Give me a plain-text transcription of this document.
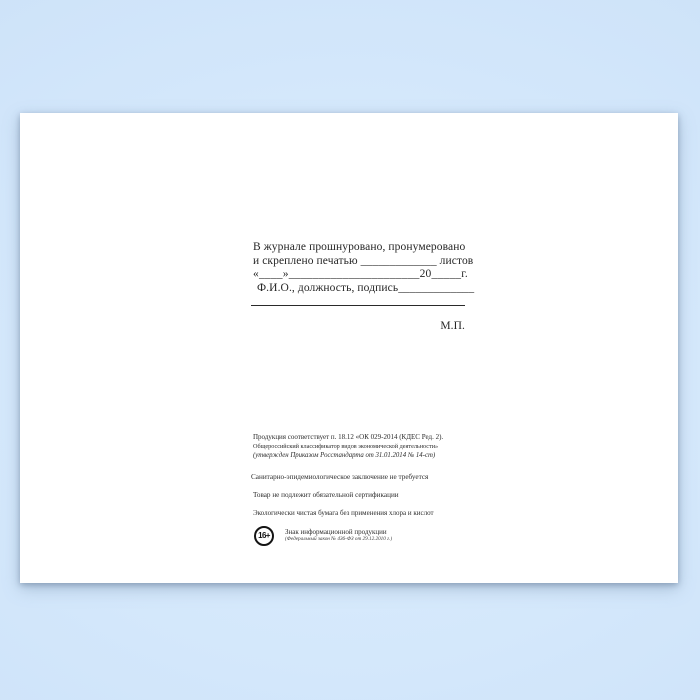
В журнале прошнуровано, пронумеровано
и скреплено печатью _____________ листов
«____»______________________20_____г.
Ф.И.О., должность, подпись_____________
М.П.
Продукция соответствует п. 18.12 «ОК 029-2014 (КДЕС Ред. 2).
Общероссийский классификатор видов экономической деятельности»
(утвержден Приказом Росстандарта от 31.01.2014 № 14-ст)
Санитарно-эпидемиологическое заключение не требуется
Товар не подлежит обязательной сертификации
Экологически чистая бумага без применения хлора и кислот
16+	Знак информационной продукции
(Федеральный закон № 436-ФЗ от 29.12.2010 г.)
